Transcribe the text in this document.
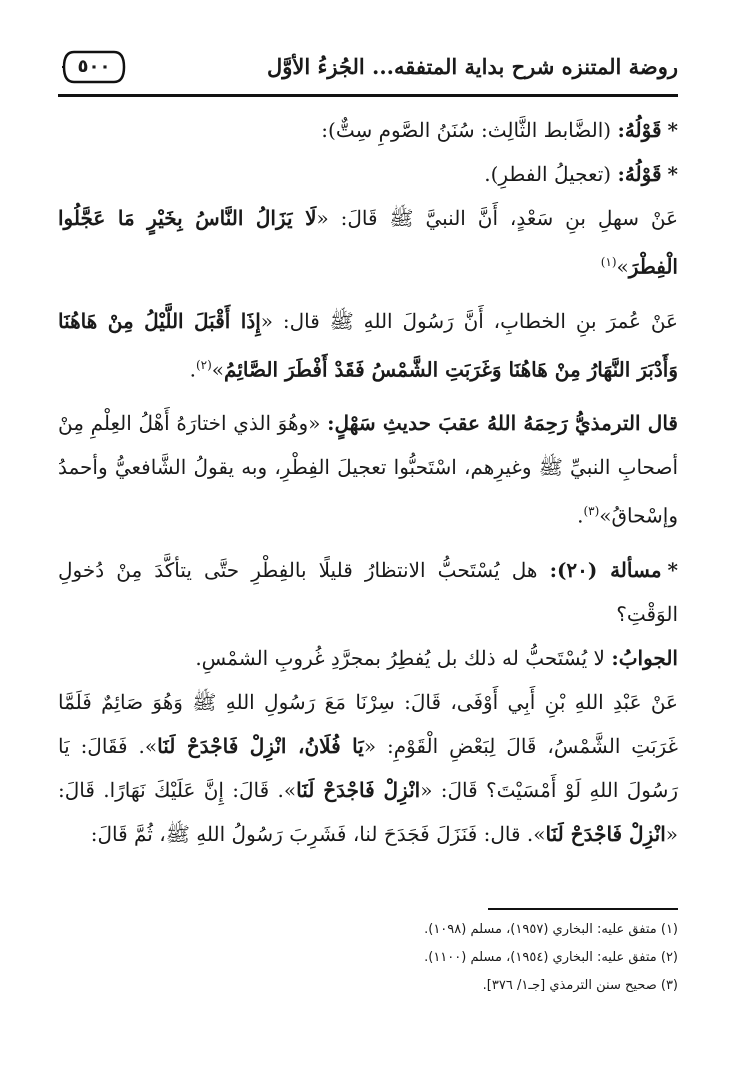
روضة المتنزه شرح بداية المتفقه... الجُزءُ الأوَّل
٥٠٠

*قَوْلُهُ: (الضَّابط الثَّالِث: سُنَنُ الصَّومِ سِتٌّ):

*قَوْلُهُ: (تعجيلُ الفطرِ).

عَنْ سهلِ بنِ سَعْدٍ، أَنَّ النبيَّ ﷺ قَالَ: «لَا يَزَالُ النَّاسُ بِخَيْرٍ مَا عَجَّلُوا الْفِطْرَ»$^{(١)}$

عَنْ عُمرَ بنِ الخطابِ، أَنَّ رَسُولَ اللهِ ﷺ قال: «إِذَا أَقْبَلَ اللَّيْلُ مِنْ هَاهُنَا وَأَدْبَرَ النَّهَارُ مِنْ هَاهُنَا وَغَرَبَتِ الشَّمْسُ فَقَدْ أَفْطَرَ الصَّائِمُ»$^{(٢)}$.

قال الترمذيُّ رَحِمَهُ اللهُ عقبَ حديثِ سَهْلٍ: «وهُوَ الذي اختارَهُ أَهْلُ العِلْمِ مِنْ أصحابِ النبيِّ ﷺ وغيرِهم، اسْتَحبُّوا تعجيلَ الفِطْرِ، وبه يقولُ الشَّافعيُّ وأحمدُ وإسْحاقُ»$^{(٣)}$.

*مسألة (٢٠): هل يُسْتَحبُّ الانتظارُ قليلًا بالفِطْرِ حتَّى يتأكَّدَ مِنْ دُخولِ الوَقْتِ؟

الجوابُ: لا يُسْتَحبُّ له ذلك بل يُفطِرُ بمجرَّدِ غُروبِ الشمْسِ.

عَنْ عَبْدِ اللهِ بْنِ أَبِي أَوْفَى، قَالَ: سِرْنَا مَعَ رَسُولِ اللهِ ﷺ وَهُوَ صَائِمٌ فَلَمَّا غَرَبَتِ الشَّمْسُ، قَالَ لِبَعْضِ الْقَوْمِ: «يَا فُلَانُ، انْزِلْ فَاجْدَحْ لَنَا». فَقَالَ: يَا رَسُولَ اللهِ لَوْ أَمْسَيْتَ؟ قَالَ: «انْزِلْ فَاجْدَحْ لَنَا». قَالَ: إِنَّ عَلَيْكَ نَهَارًا. قَالَ: «انْزِلْ فَاجْدَحْ لَنَا». قال: فَنَزَلَ فَجَدَحَ لنا، فَشَرِبَ رَسُولُ اللهِ ﷺ، ثُمَّ قَالَ:

(١) متفق عليه: البخاري (١٩٥٧)، مسلم (١٠٩٨).
(٢) متفق عليه: البخاري (١٩٥٤)، مسلم (١١٠٠).
(٣) صحيح سنن الترمذي [جـ١/ ٣٧٦].
